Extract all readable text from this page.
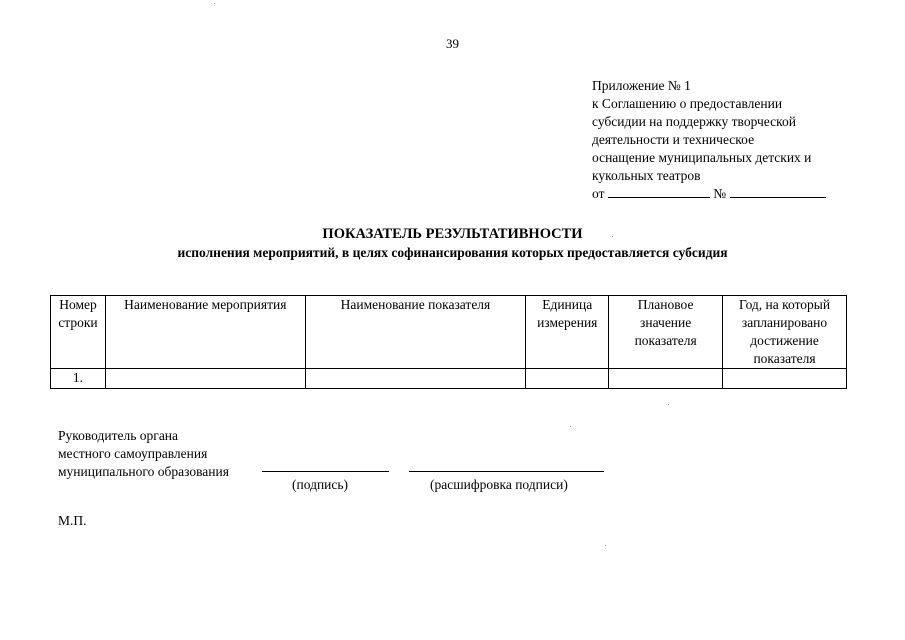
39
Приложение № 1
к Соглашению о предоставлении
субсидии на поддержку творческой
деятельности и техническое
оснащение муниципальных детских и
кукольных театров
от	№
ПОКАЗАТЕЛЬ РЕЗУЛЬТАТИВНОСТИ
исполнения мероприятий, в целях софинансирования которых предоставляется субсидия
Номер строки	Наименование мероприятия	Наименование показателя	Единица измерения	Плановое значение показателя	Год, на который запланировано достижение показателя
1.					
Руководитель органа
местного самоуправления
муниципального образования
(подпись)	(расшифровка подписи)
М.П.
